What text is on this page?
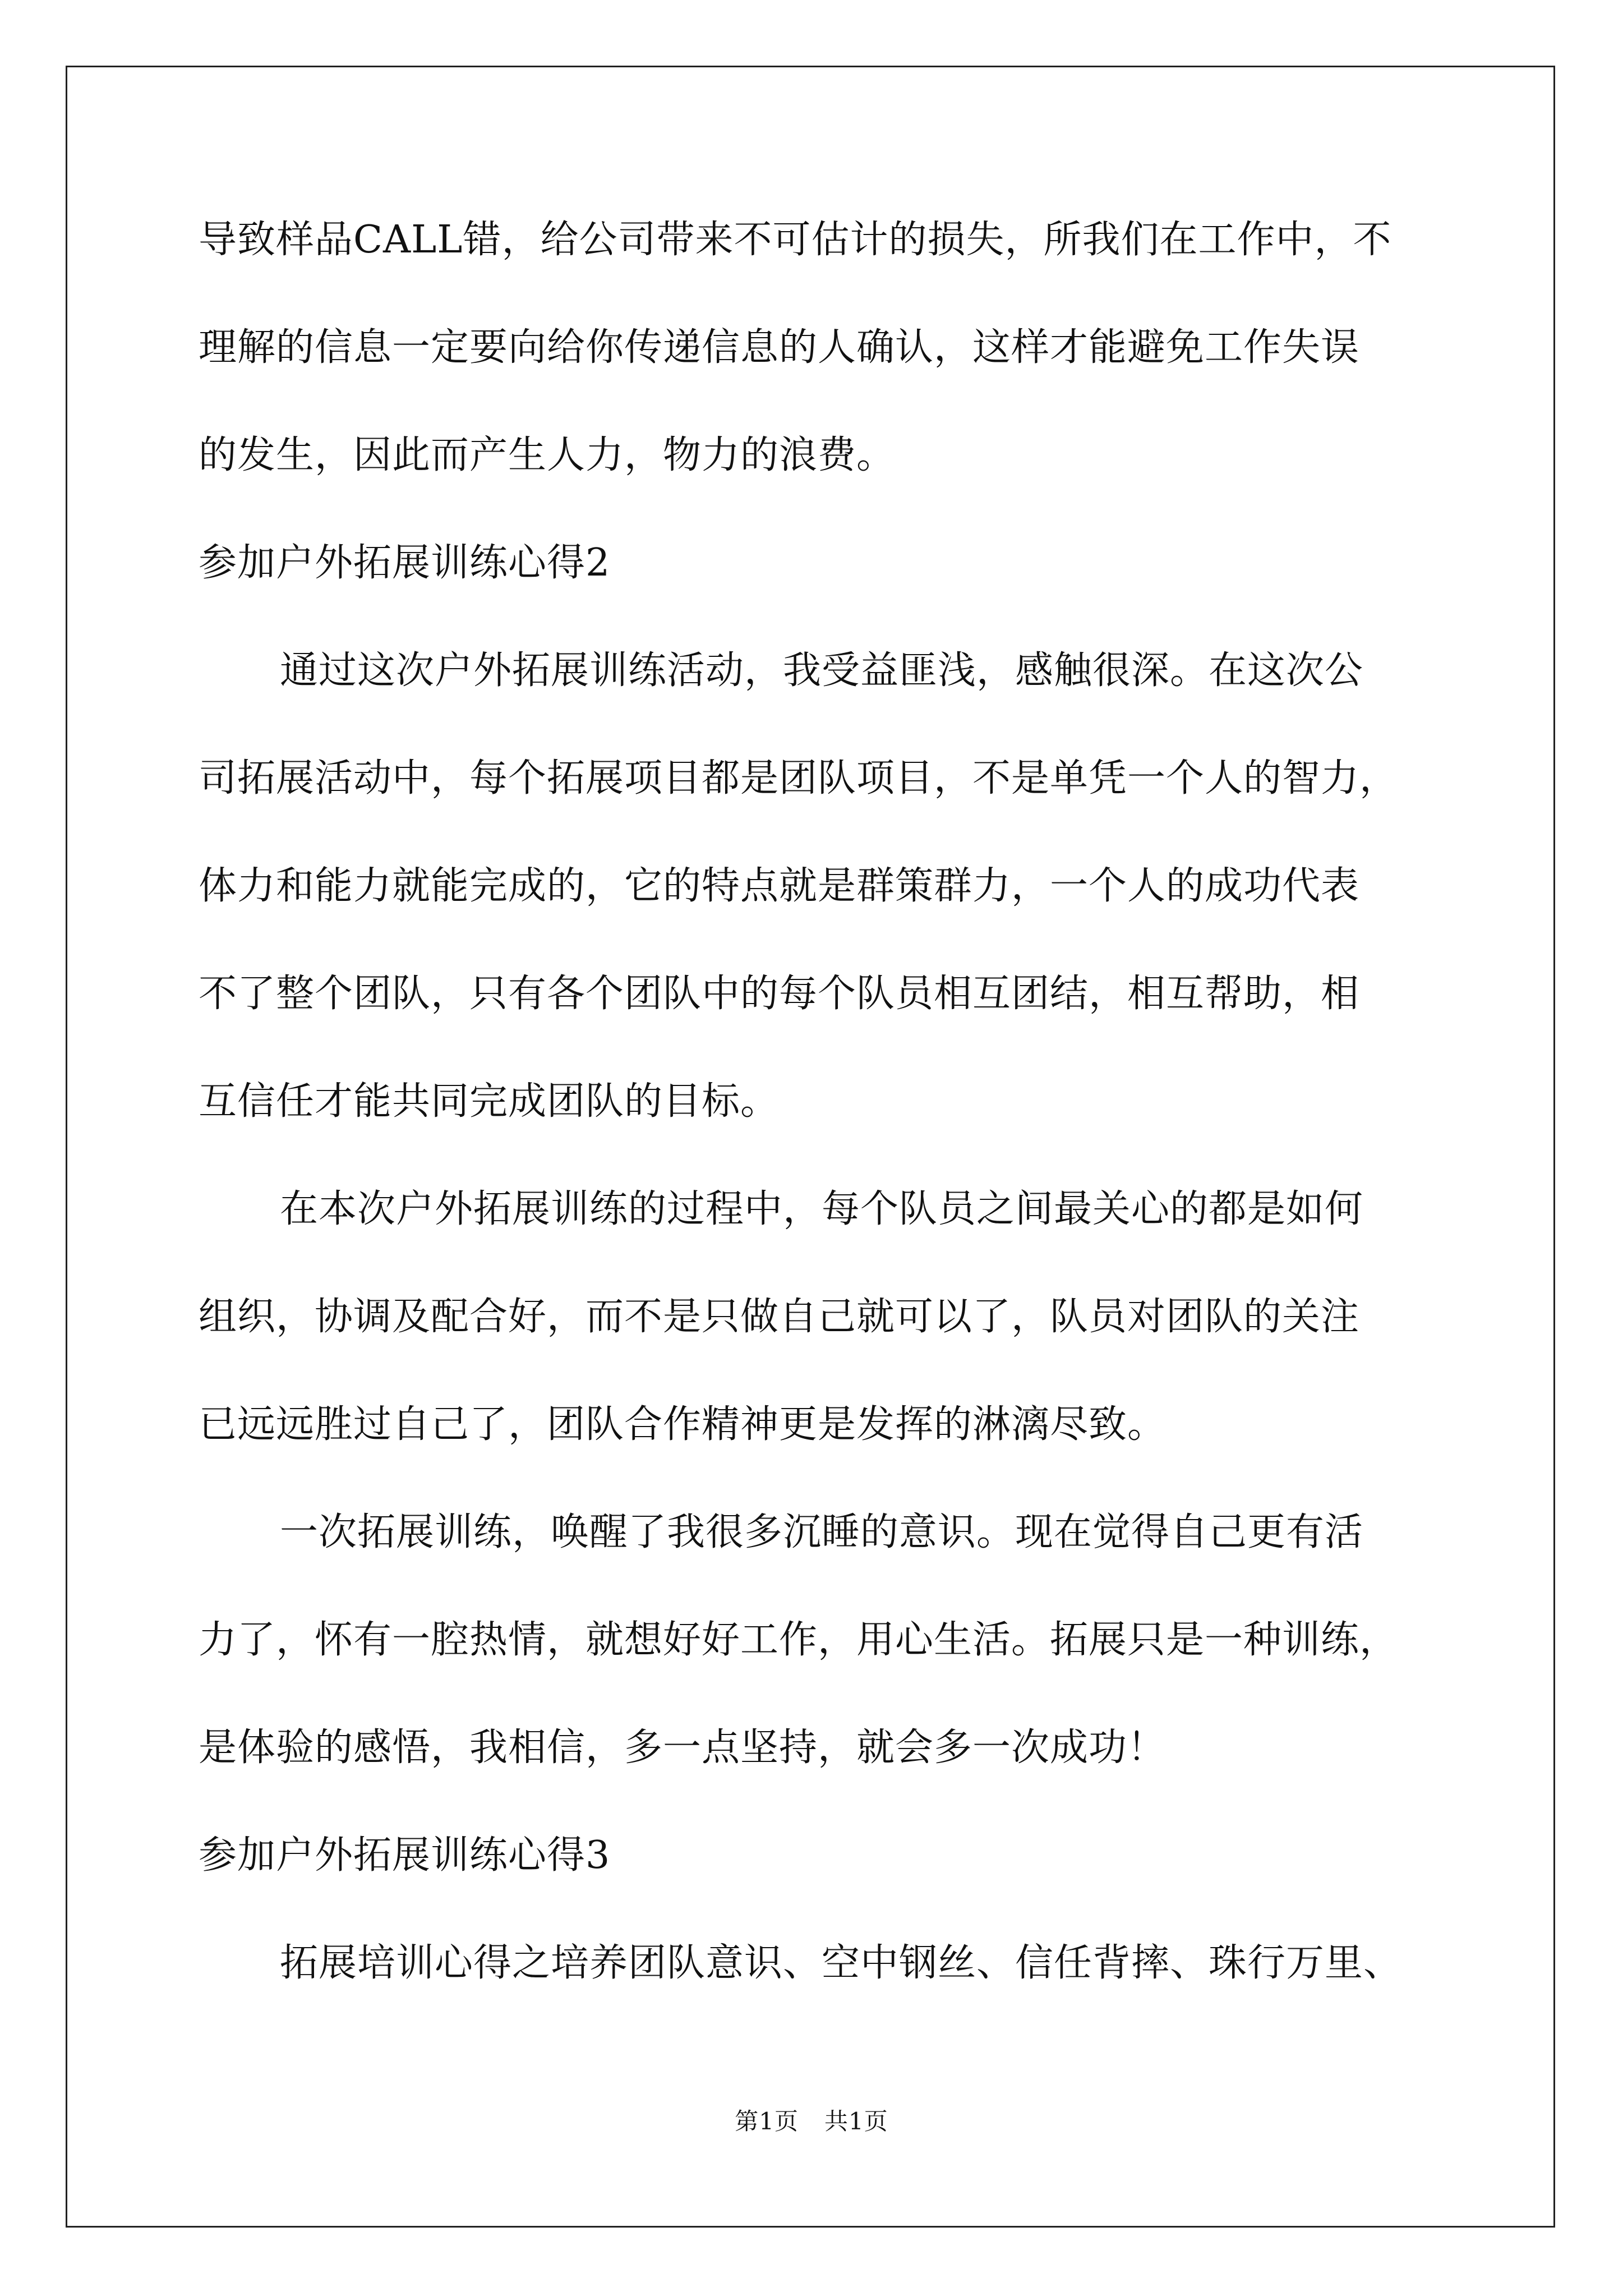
导致样品CALL错，给公司带来不可估计的损失，所我们在工作中，不
理解的信息一定要向给你传递信息的人确认，这样才能避免工作失误
的发生，因此而产生人力，物力的浪费。
参加户外拓展训练心得2
通过这次户外拓展训练活动，我受益匪浅，感触很深。在这次公
司拓展活动中，每个拓展项目都是团队项目，不是单凭一个人的智力，
体力和能力就能完成的，它的特点就是群策群力，一个人的成功代表
不了整个团队，只有各个团队中的每个队员相互团结，相互帮助，相
互信任才能共同完成团队的目标。
在本次户外拓展训练的过程中，每个队员之间最关心的都是如何
组织，协调及配合好，而不是只做自己就可以了，队员对团队的关注
已远远胜过自己了，团队合作精神更是发挥的淋漓尽致。
一次拓展训练，唤醒了我很多沉睡的意识。现在觉得自己更有活
力了，怀有一腔热情，就想好好工作，用心生活。拓展只是一种训练，
是体验的感悟，我相信，多一点坚持，就会多一次成功！
参加户外拓展训练心得3
拓展培训心得之培养团队意识、空中钢丝、信任背摔、珠行万里、
第1页 共1页
